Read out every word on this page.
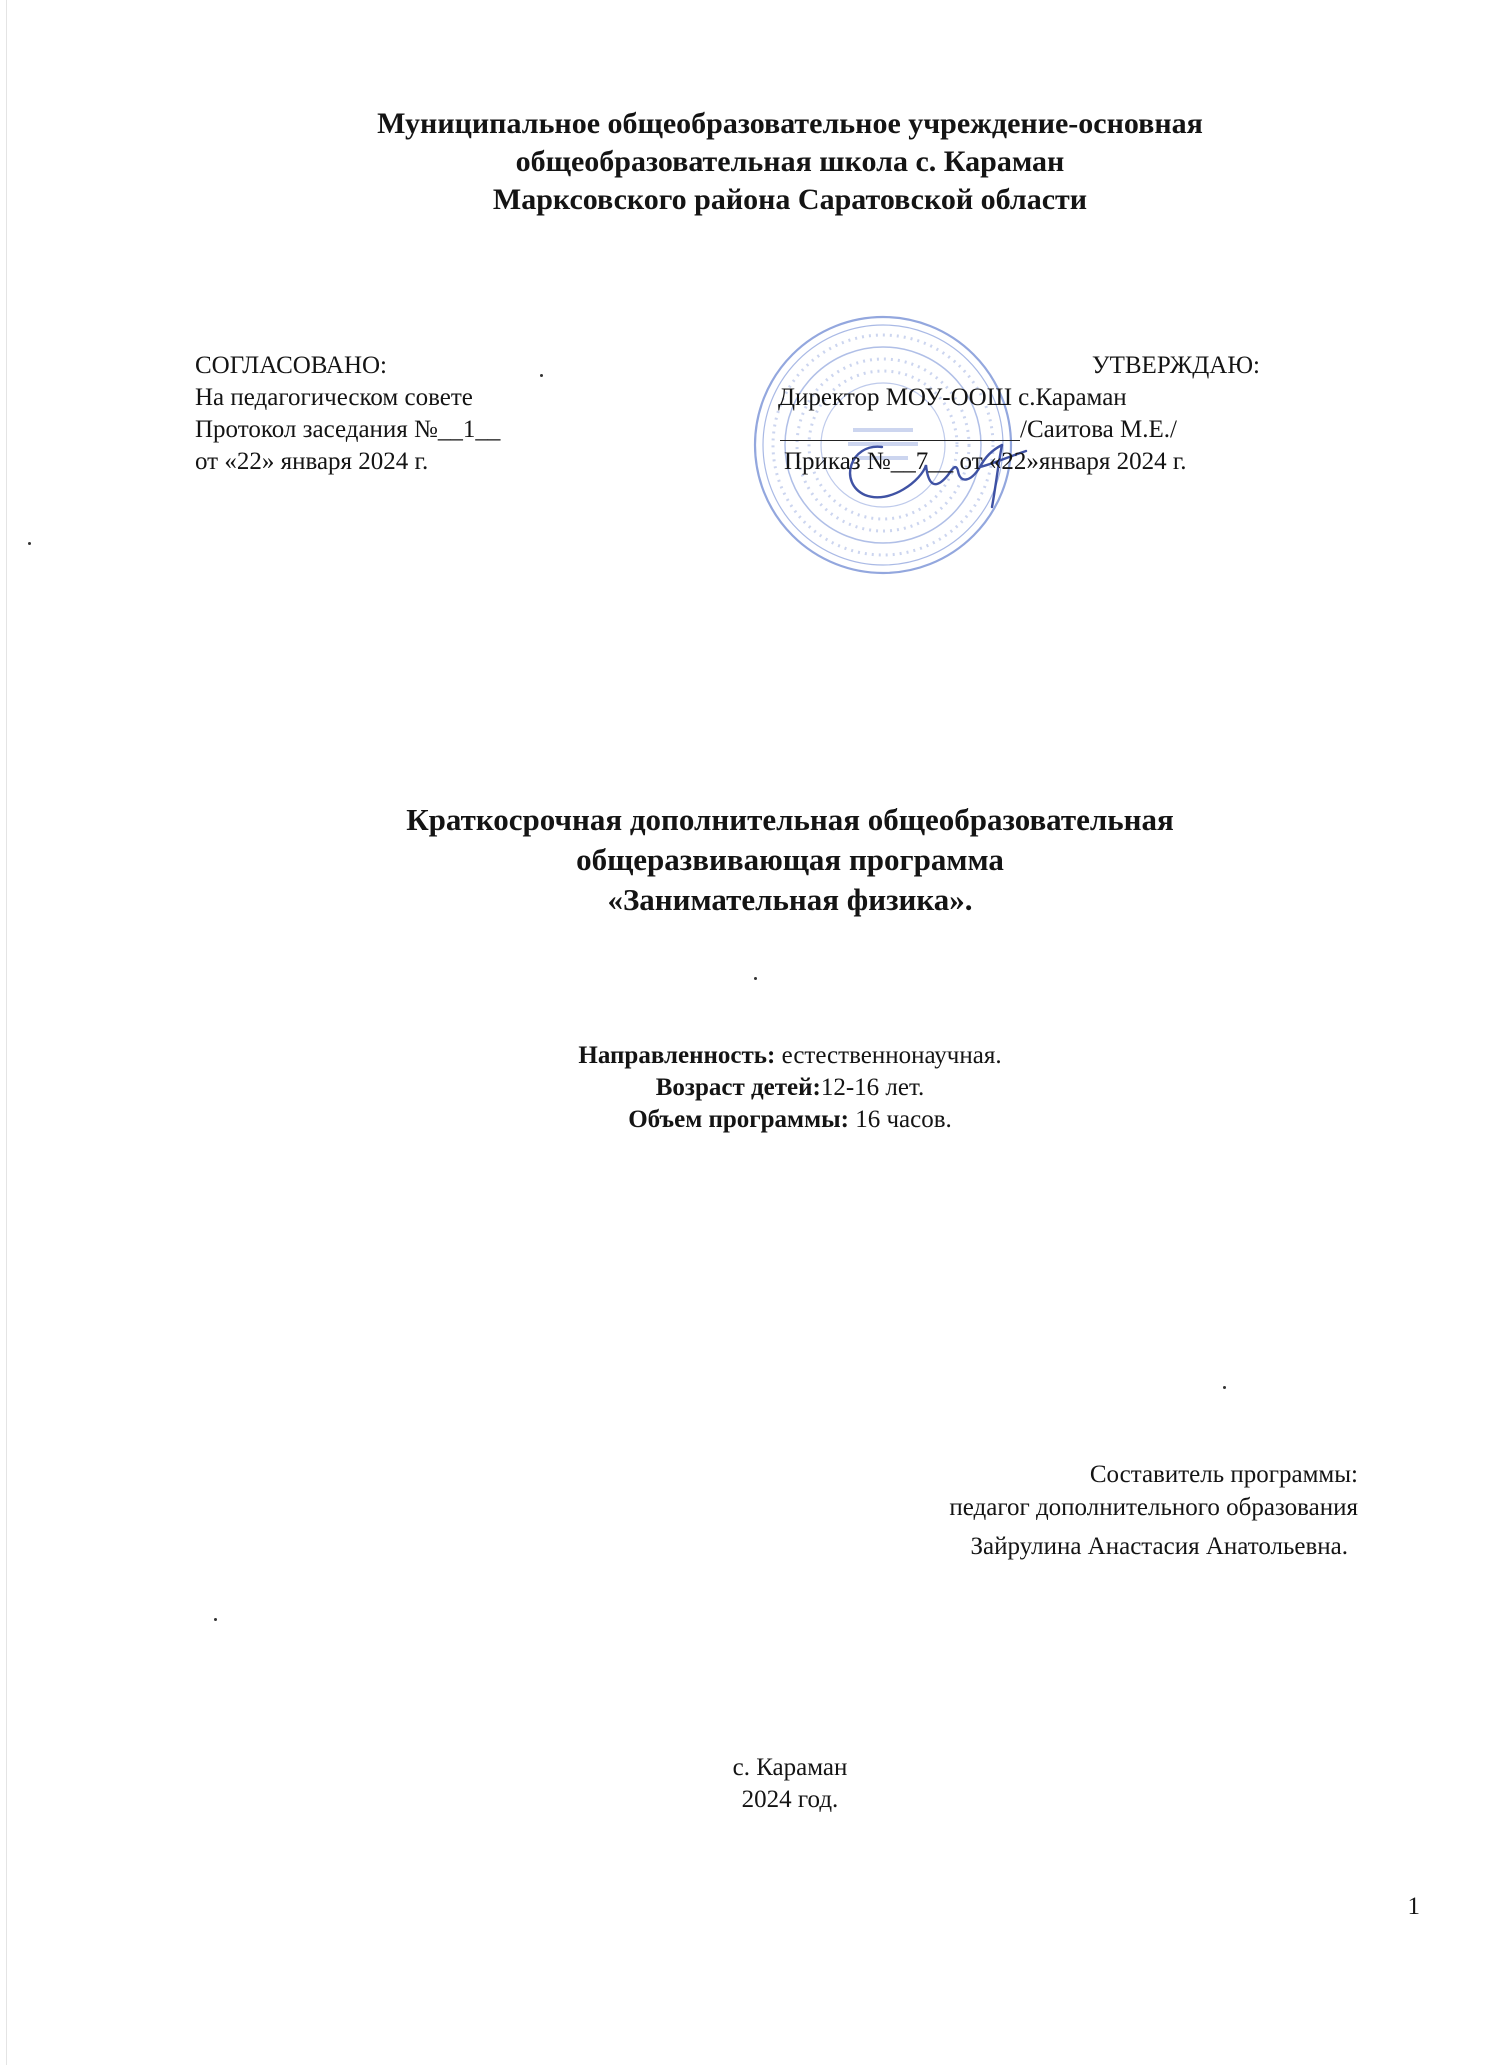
Муниципальное общеобразовательное учреждение-основная
общеобразовательная школа с. Караман
Марксовского района Саратовской области
СОГЛАСОВАНО:
На педагогическом совете
Протокол заседания №__1__
от «22» января 2024 г.
УТВЕРЖДАЮ:
Директор МОУ-ООШ с.Караман
/Саитова М.Е./
Приказ №__7__ от «22»января 2024 г.
Краткосрочная дополнительная общеобразовательная
общеразвивающая программа
«Занимательная физика».
Направленность: естественнонаучная.
Возраст детей:12-16 лет.
Объем программы: 16 часов.
Составитель программы:
педагог дополнительного образования
Зайрулина Анастасия Анатольевна.
с. Караман
2024 год.
1
